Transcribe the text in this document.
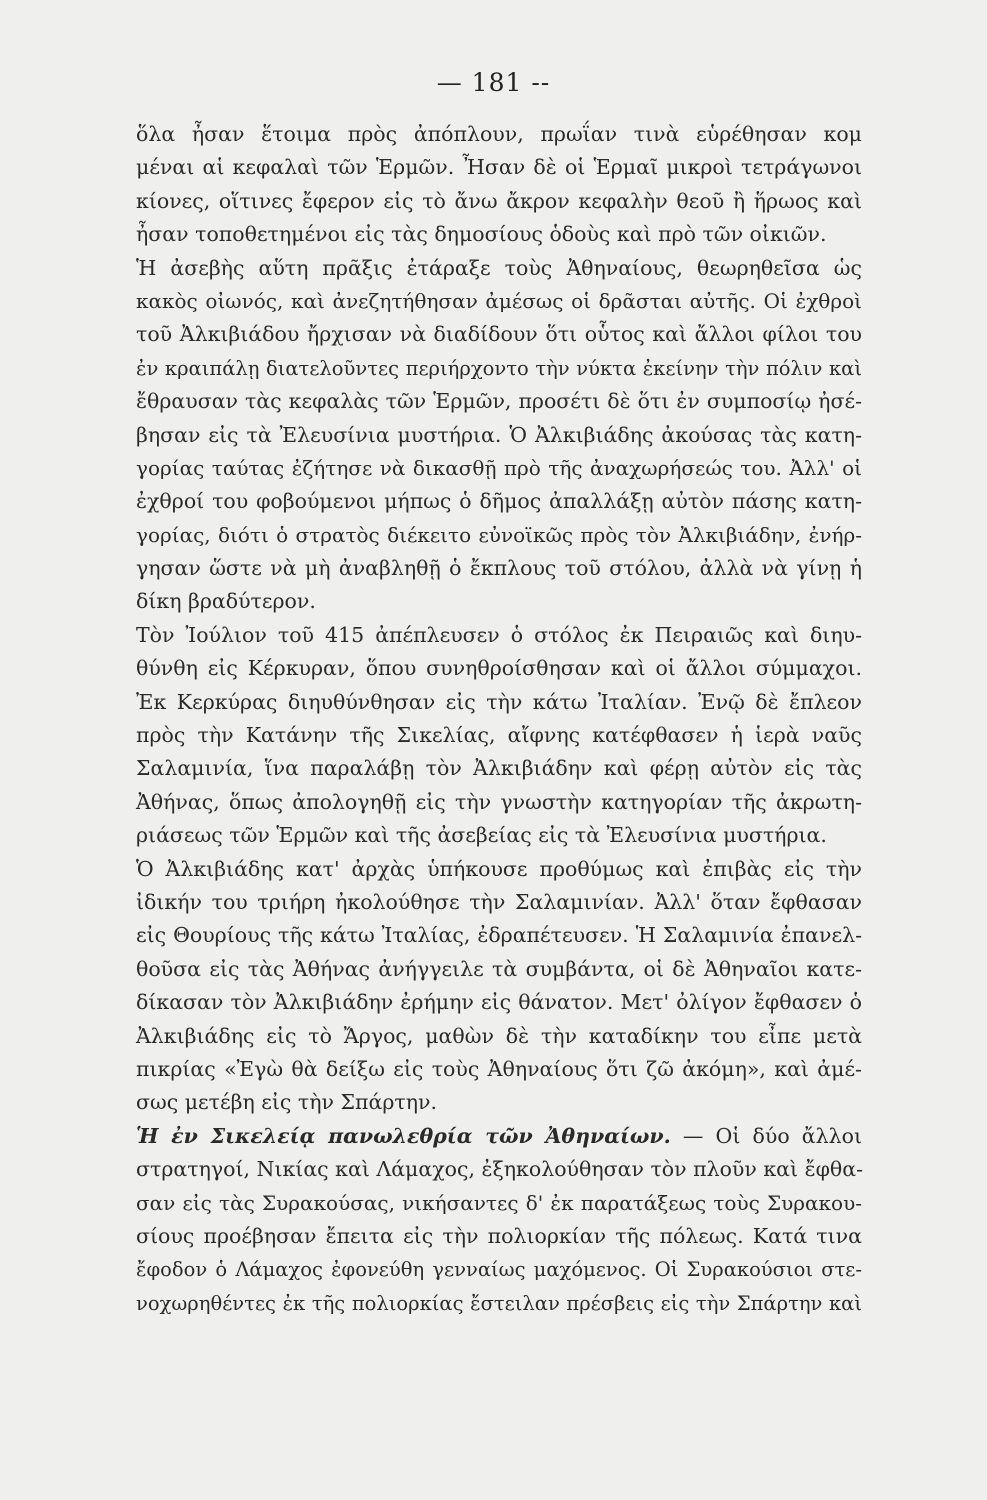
— 181 --
ὅλα ἦσαν ἕτοιμα πρὸς ἀπόπλουν, πρωΐαν τινὰ εὑρέθησαν κομ
μέναι αἱ κεφαλαὶ τῶν Ἑρμῶν. Ἦσαν δὲ οἱ Ἑρμαῖ μικροὶ τετράγωνοι
κίονες, οἵτινες ἔφερον εἰς τὸ ἄνω ἄκρον κεφαλὴν θεοῦ ἢ ἥρωος καὶ
ἦσαν τοποθετημένοι εἰς τὰς δημοσίους ὁδοὺς καὶ πρὸ τῶν οἰκιῶν.
Ἡ ἀσεβὴς αὕτη πρᾶξις ἐτάραξε τοὺς Ἀθηναίους, θεωρηθεῖσα ὡς
κακὸς οἰωνός, καὶ ἀνεζητήθησαν ἀμέσως οἱ δρᾶσται αὐτῆς. Οἱ ἐχθροὶ
τοῦ Ἀλκιβιάδου ἤρχισαν νὰ διαδίδουν ὅτι οὗτος καὶ ἄλλοι φίλοι του
ἐν κραιπάλῃ διατελοῦντες περιήρχοντο τὴν νύκτα ἐκείνην τὴν πόλιν καὶ
ἔθραυσαν τὰς κεφαλὰς τῶν Ἑρμῶν, προσέτι δὲ ὅτι ἐν συμποσίῳ ἠσέ-
βησαν εἰς τὰ Ἐλευσίνια μυστήρια. Ὁ Ἀλκιβιάδης ἀκούσας τὰς κατη-
γορίας ταύτας ἐζήτησε νὰ δικασθῇ πρὸ τῆς ἀναχωρήσεώς του. Ἀλλ' οἱ
ἐχθροί του φοβούμενοι μήπως ὁ δῆμος ἀπαλλάξῃ αὐτὸν πάσης κατη-
γορίας, διότι ὁ στρατὸς διέκειτο εὐνοϊκῶς πρὸς τὸν Ἀλκιβιάδην, ἐνήρ-
γησαν ὥστε νὰ μὴ ἀναβληθῇ ὁ ἔκπλους τοῦ στόλου, ἀλλὰ νὰ γίνῃ ἡ
δίκη βραδύτερον.
Τὸν Ἰούλιον τοῦ 415 ἀπέπλευσεν ὁ στόλος ἐκ Πειραιῶς καὶ διηυ-
θύνθη εἰς Κέρκυραν, ὅπου συνηθροίσθησαν καὶ οἱ ἄλλοι σύμμαχοι.
Ἐκ Κερκύρας διηυθύνθησαν εἰς τὴν κάτω Ἰταλίαν. Ἐνῷ δὲ ἔπλεον
πρὸς τὴν Κατάνην τῆς Σικελίας, αἴφνης κατέφθασεν ἡ ἱερὰ ναῦς
Σαλαμινία, ἵνα παραλάβῃ τὸν Ἀλκιβιάδην καὶ φέρῃ αὐτὸν εἰς τὰς
Ἀθήνας, ὅπως ἀπολογηθῇ εἰς τὴν γνωστὴν κατηγορίαν τῆς ἀκρωτη-
ριάσεως τῶν Ἑρμῶν καὶ τῆς ἀσεβείας εἰς τὰ Ἐλευσίνια μυστήρια.
Ὁ Ἀλκιβιάδης κατ' ἀρχὰς ὑπήκουσε προθύμως καὶ ἐπιβὰς εἰς τὴν
ἰδικήν του τριήρη ἠκολούθησε τὴν Σαλαμινίαν. Ἀλλ' ὅταν ἔφθασαν
εἰς Θουρίους τῆς κάτω Ἰταλίας, ἐδραπέτευσεν. Ἡ Σαλαμινία ἐπανελ-
θοῦσα εἰς τὰς Ἀθήνας ἀνήγγειλε τὰ συμβάντα, οἱ δὲ Ἀθηναῖοι κατε-
δίκασαν τὸν Ἀλκιβιάδην ἐρήμην εἰς θάνατον. Μετ' ὀλίγον ἔφθασεν ὁ
Ἀλκιβιάδης εἰς τὸ Ἄργος, μαθὼν δὲ τὴν καταδίκην του εἶπε μετὰ
πικρίας «Ἐγὼ θὰ δείξω εἰς τοὺς Ἀθηναίους ὅτι ζῶ ἀκόμη», καὶ ἀμέ-
σως μετέβη εἰς τὴν Σπάρτην.
Ἡ ἐν Σικελείᾳ πανωλεθρία τῶν Ἀθηναίων. — Οἱ δύο ἄλλοι
στρατηγοί, Νικίας καὶ Λάμαχος, ἐξηκολούθησαν τὸν πλοῦν καὶ ἔφθα-
σαν εἰς τὰς Συρακούσας, νικήσαντες δ' ἐκ παρατάξεως τοὺς Συρακου-
σίους προέβησαν ἔπειτα εἰς τὴν πολιορκίαν τῆς πόλεως. Κατά τινα
ἔφοδον ὁ Λάμαχος ἐφονεύθη γενναίως μαχόμενος. Οἱ Συρακούσιοι στε-
νοχωρηθέντες ἐκ τῆς πολιορκίας ἔστειλαν πρέσβεις εἰς τὴν Σπάρτην καὶ
